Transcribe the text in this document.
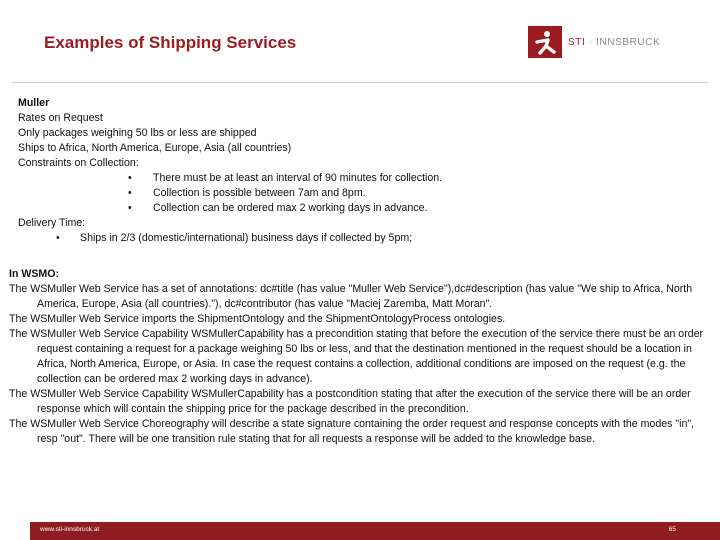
Examples of Shipping Services	STI · INNSBRUCK
Muller
Rates on Request
Only packages weighing 50 lbs or less are shipped
Ships to Africa, North America, Europe, Asia (all countries)
Constraints on Collection:
•	There must be at least an interval of 90 minutes for collection.
•	Collection is possible between 7am and 8pm.
•	Collection can be ordered max 2 working days in advance.
Delivery Time:
•	Ships in 2/3 (domestic/international) business days if collected by 5pm;
In WSMO:
The WSMuller Web Service has a set of annotations: dc#title (has value "Muller Web Service"),dc#description (has value "We ship to Africa, North America, Europe, Asia (all countries)."), dc#contributor (has value "Maciej Zaremba, Matt Moran".
The WSMuller Web Service imports the ShipmentOntology and the ShipmentOntologyProcess ontologies.
The WSMuller Web Service Capability WSMullerCapability has a precondition stating that before the execution of the service there must be an order request containing a request for a package weighing 50 lbs or less, and that the destination mentioned in the request should be a location in Africa, North America, Europe, or Asia. In case the request contains a collection, additional conditions are imposed on the request (e.g. the collection can be ordered max 2 working days in advance).
The WSMuller Web Service Capability WSMullerCapability has a postcondition stating that after the execution of the service there will be an order response which will contain the shipping price for the package described in the precondition.
The WSMuller Web Service Choreography will describe a state signature containing the order request and response concepts with the modes "in", resp "out". There will be one transition rule stating that for all requests a response will be added to the knowledge base.
www.sti-innsbruck.at	65
